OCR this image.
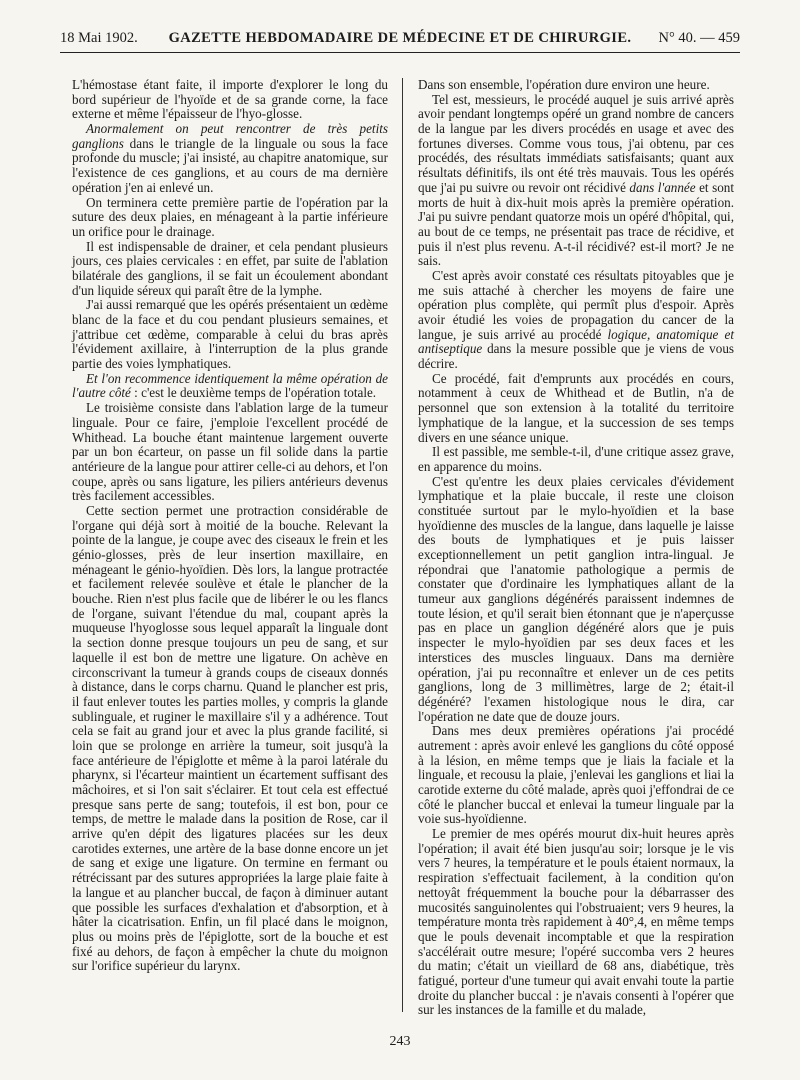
18 Mai 1902.	GAZETTE HEBDOMADAIRE DE MÉDECINE ET DE CHIRURGIE.	N° 40. — 459

L'hémostase étant faite, il importe d'explorer le long du bord supérieur de l'hyoïde et de sa grande corne, la face externe et même l'épaisseur de l'hyo-glosse.

Anormalement on peut rencontrer de très petits ganglions dans le triangle de la linguale ou sous la face profonde du muscle; j'ai insisté, au chapitre anatomique, sur l'existence de ces ganglions, et au cours de ma dernière opération j'en ai enlevé un.

On terminera cette première partie de l'opération par la suture des deux plaies, en ménageant à la partie inférieure un orifice pour le drainage.

Il est indispensable de drainer, et cela pendant plusieurs jours, ces plaies cervicales : en effet, par suite de l'ablation bilatérale des ganglions, il se fait un écoulement abondant d'un liquide séreux qui paraît être de la lymphe.

J'ai aussi remarqué que les opérés présentaient un œdème blanc de la face et du cou pendant plusieurs semaines, et j'attribue cet œdème, comparable à celui du bras après l'évidement axillaire, à l'interruption de la plus grande partie des voies lymphatiques.

Et l'on recommence identiquement la même opération de l'autre côté : c'est le deuxième temps de l'opération totale.

Le troisième consiste dans l'ablation large de la tumeur linguale. Pour ce faire, j'emploie l'excellent procédé de Whithead. La bouche étant maintenue largement ouverte par un bon écarteur, on passe un fil solide dans la partie antérieure de la langue pour attirer celle-ci au dehors, et l'on coupe, après ou sans ligature, les piliers antérieurs devenus très facilement accessibles.

Cette section permet une protraction considérable de l'organe qui déjà sort à moitié de la bouche. Relevant la pointe de la langue, je coupe avec des ciseaux le frein et les génio-glosses, près de leur insertion maxillaire, en ménageant le génio-hyoïdien. Dès lors, la langue protractée et facilement relevée soulève et étale le plancher de la bouche. Rien n'est plus facile que de libérer le ou les flancs de l'organe, suivant l'étendue du mal, coupant après la muqueuse l'hyoglosse sous lequel apparaît la linguale dont la section donne presque toujours un peu de sang, et sur laquelle il est bon de mettre une ligature. On achève en circonscrivant la tumeur à grands coups de ciseaux donnés à distance, dans le corps charnu. Quand le plancher est pris, il faut enlever toutes les parties molles, y compris la glande sublinguale, et ruginer le maxillaire s'il y a adhérence. Tout cela se fait au grand jour et avec la plus grande facilité, si loin que se prolonge en arrière la tumeur, soit jusqu'à la face antérieure de l'épiglotte et même à la paroi latérale du pharynx, si l'écarteur maintient un écartement suffisant des mâchoires, et si l'on sait s'éclairer. Et tout cela est effectué presque sans perte de sang; toutefois, il est bon, pour ce temps, de mettre le malade dans la position de Rose, car il arrive qu'en dépit des ligatures placées sur les deux carotides externes, une artère de la base donne encore un jet de sang et exige une ligature. On termine en fermant ou rétrécissant par des sutures appropriées la large plaie faite à la langue et au plancher buccal, de façon à diminuer autant que possible les surfaces d'exhalation et d'absorption, et à hâter la cicatrisation. Enfin, un fil placé dans le moignon, plus ou moins près de l'épiglotte, sort de la bouche et est fixé au dehors, de façon à empêcher la chute du moignon sur l'orifice supérieur du larynx.

Dans son ensemble, l'opération dure environ une heure.

Tel est, messieurs, le procédé auquel je suis arrivé après avoir pendant longtemps opéré un grand nombre de cancers de la langue par les divers procédés en usage et avec des fortunes diverses. Comme vous tous, j'ai obtenu, par ces procédés, des résultats immédiats satisfaisants; quant aux résultats définitifs, ils ont été très mauvais. Tous les opérés que j'ai pu suivre ou revoir ont récidivé dans l'année et sont morts de huit à dix-huit mois après la première opération. J'ai pu suivre pendant quatorze mois un opéré d'hôpital, qui, au bout de ce temps, ne présentait pas trace de récidive, et puis il n'est plus revenu. A-t-il récidivé? est-il mort? Je ne sais.

C'est après avoir constaté ces résultats pitoyables que je me suis attaché à chercher les moyens de faire une opération plus complète, qui permît plus d'espoir. Après avoir étudié les voies de propagation du cancer de la langue, je suis arrivé au procédé logique, anatomique et antiseptique dans la mesure possible que je viens de vous décrire.

Ce procédé, fait d'emprunts aux procédés en cours, notamment à ceux de Whithead et de Butlin, n'a de personnel que son extension à la totalité du territoire lymphatique de la langue, et la succession de ses temps divers en une séance unique.

Il est passible, me semble-t-il, d'une critique assez grave, en apparence du moins.

C'est qu'entre les deux plaies cervicales d'évidement lymphatique et la plaie buccale, il reste une cloison constituée surtout par le mylo-hyoïdien et la base hyoïdienne des muscles de la langue, dans laquelle je laisse des bouts de lymphatiques et je puis laisser exceptionnellement un petit ganglion intra-lingual. Je répondrai que l'anatomie pathologique a permis de constater que d'ordinaire les lymphatiques allant de la tumeur aux ganglions dégénérés paraissent indemnes de toute lésion, et qu'il serait bien étonnant que je n'aperçusse pas en place un ganglion dégénéré alors que je puis inspecter le mylo-hyoïdien par ses deux faces et les interstices des muscles linguaux. Dans ma dernière opération, j'ai pu reconnaître et enlever un de ces petits ganglions, long de 3 millimètres, large de 2; était-il dégénéré? l'examen histologique nous le dira, car l'opération ne date que de douze jours.

Dans mes deux premières opérations j'ai procédé autrement : après avoir enlevé les ganglions du côté opposé à la lésion, en même temps que je liais la faciale et la linguale, et recousu la plaie, j'enlevai les ganglions et liai la carotide externe du côté malade, après quoi j'effondrai de ce côté le plancher buccal et enlevai la tumeur linguale par la voie sus-hyoïdienne.

Le premier de mes opérés mourut dix-huit heures après l'opération; il avait été bien jusqu'au soir; lorsque je le vis vers 7 heures, la température et le pouls étaient normaux, la respiration s'effectuait facilement, à la condition qu'on nettoyât fréquemment la bouche pour la débarrasser des mucosités sanguinolentes qui l'obstruaient; vers 9 heures, la température monta très rapidement à 40°,4, en même temps que le pouls devenait incomptable et que la respiration s'accélérait outre mesure; l'opéré succomba vers 2 heures du matin; c'était un vieillard de 68 ans, diabétique, très fatigué, porteur d'une tumeur qui avait envahi toute la partie droite du plancher buccal : je n'avais consenti à l'opérer que sur les instances de la famille et du malade,

243
